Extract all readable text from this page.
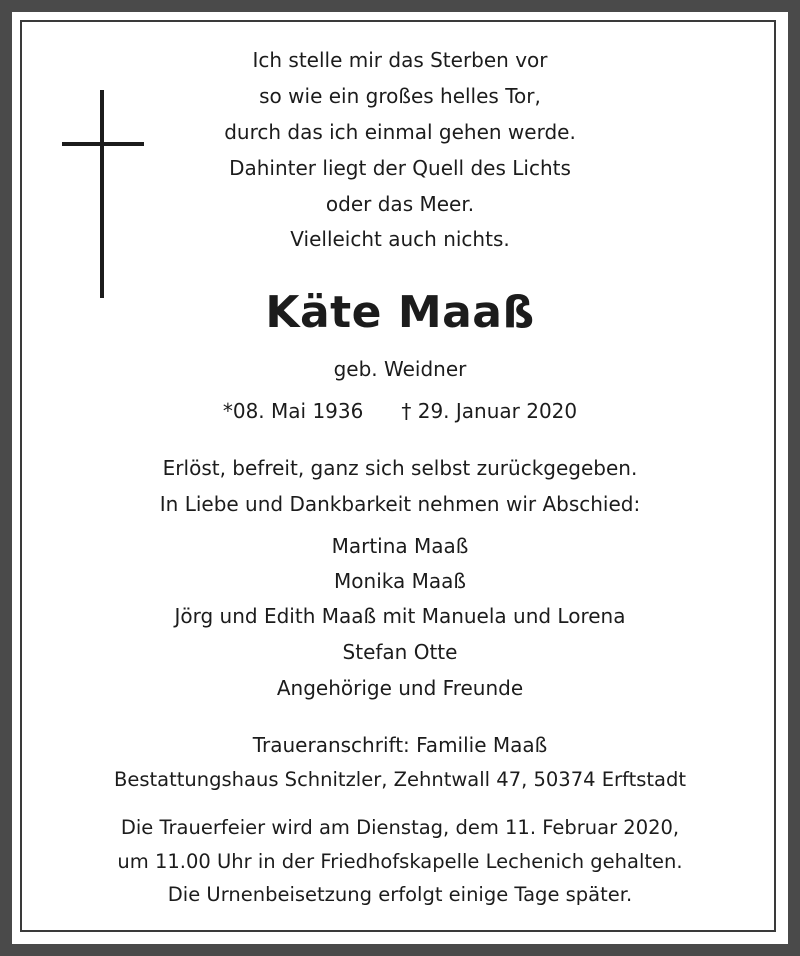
Ich stelle mir das Sterben vor
so wie ein großes helles Tor,
durch das ich einmal gehen werde.
Dahinter liegt der Quell des Lichts
oder das Meer.
Vielleicht auch nichts.
Käte Maaß
geb. Weidner
*08. Mai 1936 † 29. Januar 2020
Erlöst, befreit, ganz sich selbst zurückgegeben.
In Liebe und Dankbarkeit nehmen wir Abschied:
Martina Maaß
Monika Maaß
Jörg und Edith Maaß mit Manuela und Lorena
Stefan Otte
Angehörige und Freunde
Traueranschrift: Familie Maaß
Bestattungshaus Schnitzler, Zehntwall 47, 50374 Erftstadt
Die Trauerfeier wird am Dienstag, dem 11. Februar 2020,
um 11.00 Uhr in der Friedhofskapelle Lechenich gehalten.
Die Urnenbeisetzung erfolgt einige Tage später.
